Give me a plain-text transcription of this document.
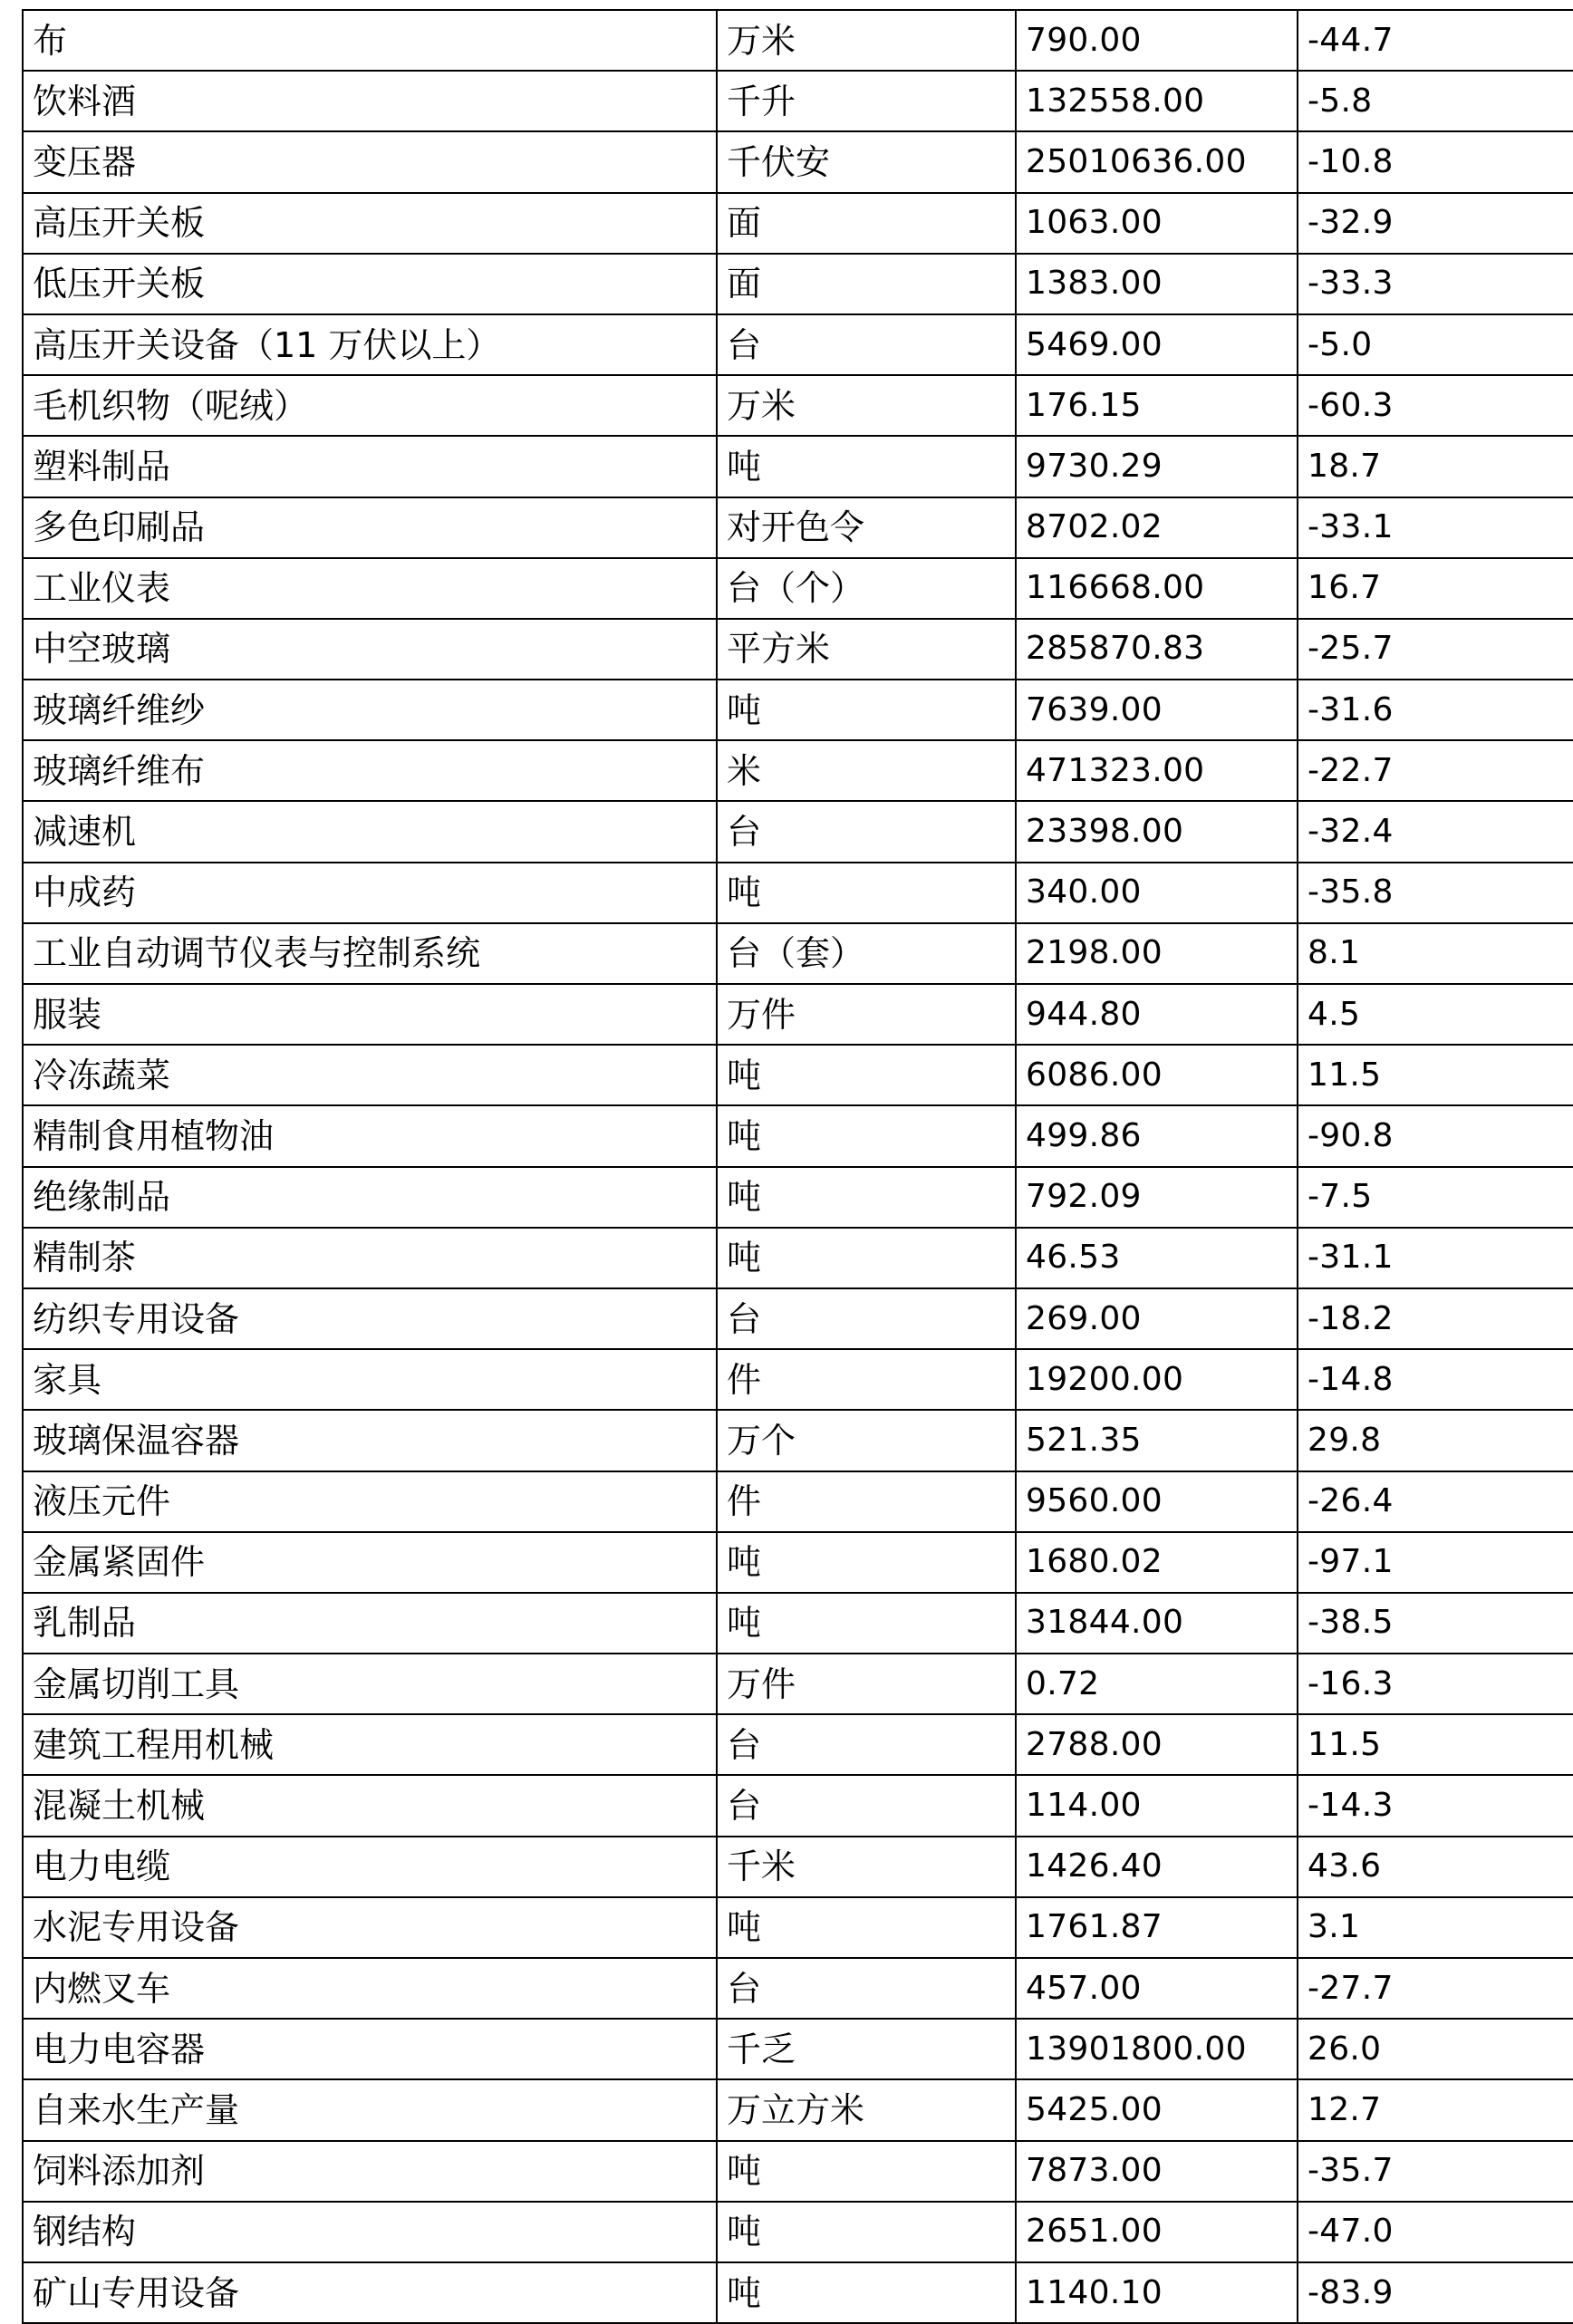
布	万米	790.00	-44.7
饮料酒	千升	132558.00	-5.8
变压器	千伏安	25010636.00	-10.8
高压开关板	面	1063.00	-32.9
低压开关板	面	1383.00	-33.3
高压开关设备（11 万伏以上）	台	5469.00	-5.0
毛机织物（呢绒）	万米	176.15	-60.3
塑料制品	吨	9730.29	18.7
多色印刷品	对开色令	8702.02	-33.1
工业仪表	台（个）	116668.00	16.7
中空玻璃	平方米	285870.83	-25.7
玻璃纤维纱	吨	7639.00	-31.6
玻璃纤维布	米	471323.00	-22.7
减速机	台	23398.00	-32.4
中成药	吨	340.00	-35.8
工业自动调节仪表与控制系统	台（套）	2198.00	8.1
服装	万件	944.80	4.5
冷冻蔬菜	吨	6086.00	11.5
精制食用植物油	吨	499.86	-90.8
绝缘制品	吨	792.09	-7.5
精制茶	吨	46.53	-31.1
纺织专用设备	台	269.00	-18.2
家具	件	19200.00	-14.8
玻璃保温容器	万个	521.35	29.8
液压元件	件	9560.00	-26.4
金属紧固件	吨	1680.02	-97.1
乳制品	吨	31844.00	-38.5
金属切削工具	万件	0.72	-16.3
建筑工程用机械	台	2788.00	11.5
混凝土机械	台	114.00	-14.3
电力电缆	千米	1426.40	43.6
水泥专用设备	吨	1761.87	3.1
内燃叉车	台	457.00	-27.7
电力电容器	千乏	13901800.00	26.0
自来水生产量	万立方米	5425.00	12.7
饲料添加剂	吨	7873.00	-35.7
钢结构	吨	2651.00	-47.0
矿山专用设备	吨	1140.10	-83.9
